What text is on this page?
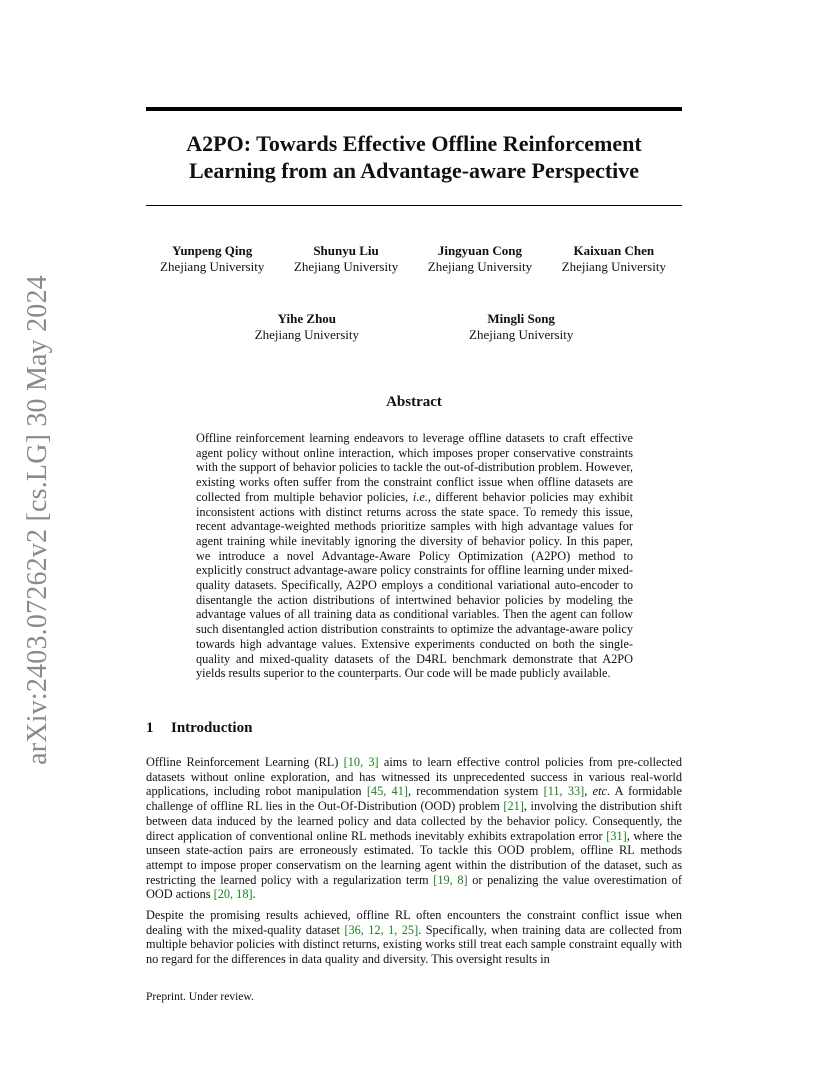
arXiv:2403.07262v2 [cs.LG] 30 May 2024
A2PO: Towards Effective Offline Reinforcement
Learning from an Advantage-aware Perspective
Yunpeng Qing
Zhejiang University
Shunyu Liu
Zhejiang University
Jingyuan Cong
Zhejiang University
Kaixuan Chen
Zhejiang University
Yihe Zhou
Zhejiang University
Mingli Song
Zhejiang University
Abstract

Offline reinforcement learning endeavors to leverage offline datasets to craft effective agent policy without online interaction, which imposes proper conservative constraints with the support of behavior policies to tackle the out-of-distribution problem. However, existing works often suffer from the constraint conflict issue when offline datasets are collected from multiple behavior policies, i.e., different behavior policies may exhibit inconsistent actions with distinct returns across the state space. To remedy this issue, recent advantage-weighted methods prioritize samples with high advantage values for agent training while inevitably ignoring the diversity of behavior policy. In this paper, we introduce a novel Advantage-Aware Policy Optimization (A2PO) method to explicitly construct advantage-aware policy constraints for offline learning under mixed-quality datasets. Specifically, A2PO employs a conditional variational auto-encoder to disentangle the action distributions of intertwined behavior policies by modeling the advantage values of all training data as conditional variables. Then the agent can follow such disentangled action distribution constraints to optimize the advantage-aware policy towards high advantage values. Extensive experiments conducted on both the single-quality and mixed-quality datasets of the D4RL benchmark demonstrate that A2PO yields results superior to the counterparts. Our code will be made publicly available.

1 Introduction

Offline Reinforcement Learning (RL) [10, 3] aims to learn effective control policies from pre-collected datasets without online exploration, and has witnessed its unprecedented success in various real-world applications, including robot manipulation [45, 41], recommendation system [11, 33], etc. A formidable challenge of offline RL lies in the Out-Of-Distribution (OOD) problem [21], involving the distribution shift between data induced by the learned policy and data collected by the behavior policy. Consequently, the direct application of conventional online RL methods inevitably exhibits extrapolation error [31], where the unseen state-action pairs are erroneously estimated. To tackle this OOD problem, offline RL methods attempt to impose proper conservatism on the learning agent within the distribution of the dataset, such as restricting the learned policy with a regularization term [19, 8] or penalizing the value overestimation of OOD actions [20, 18].

Despite the promising results achieved, offline RL often encounters the constraint conflict issue when dealing with the mixed-quality dataset [36, 12, 1, 25]. Specifically, when training data are collected from multiple behavior policies with distinct returns, existing works still treat each sample constraint equally with no regard for the differences in data quality and diversity. This oversight results in

Preprint. Under review.
